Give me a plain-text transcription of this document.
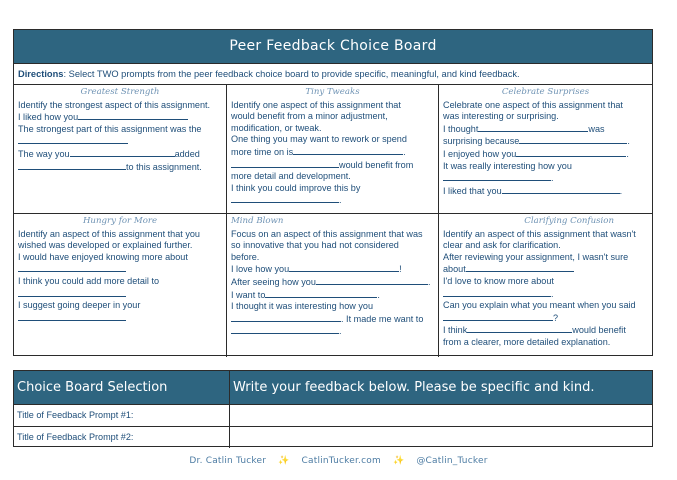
Peer Feedback Choice Board
Directions: Select TWO prompts from the peer feedback choice board to provide specific, meaningful, and kind feedback.
Greatest Strength
Identify the strongest aspect of this assignment.
I liked how you
The strongest part of this assignment was the
The way you	added
to this assignment.
Tiny Tweaks
Identify one aspect of this assignment that
would benefit from a minor adjustment,
modification, or tweak.
One thing you may want to rework or spend
more time on is	.
would benefit from
more detail and development.
I think you could improve this by
.
Celebrate Surprises
Celebrate one aspect of this assignment that
was interesting or surprising.
I thought	was
surprising because	.
I enjoyed how you	.
It was really interesting how you
.
I liked that you	.
Hungry for More
Identify an aspect of this assignment that you
wished was developed or explained further.
I would have enjoyed knowing more about
I think you could add more detail to
I suggest going deeper in your
Mind Blown
Focus on an aspect of this assignment that was
so innovative that you had not considered
before.
I love how you	!
After seeing how you	.
I want to	.
I thought it was interesting how you
. It made me want to
.
Clarifying Confusion
Identify an aspect of this assignment that wasn't
clear and ask for clarification.
After reviewing your assignment, I wasn't sure
about
I'd love to know more about
.
Can you explain what you meant when you said
?
I think	would benefit
from a clearer, more detailed explanation.
Choice Board Selection	Write your feedback below. Please be specific and kind.
Title of Feedback Prompt #1:
Title of Feedback Prompt #2:
Dr. Catlin Tucker ✨ CatlinTucker.com ✨ @Catlin_Tucker
